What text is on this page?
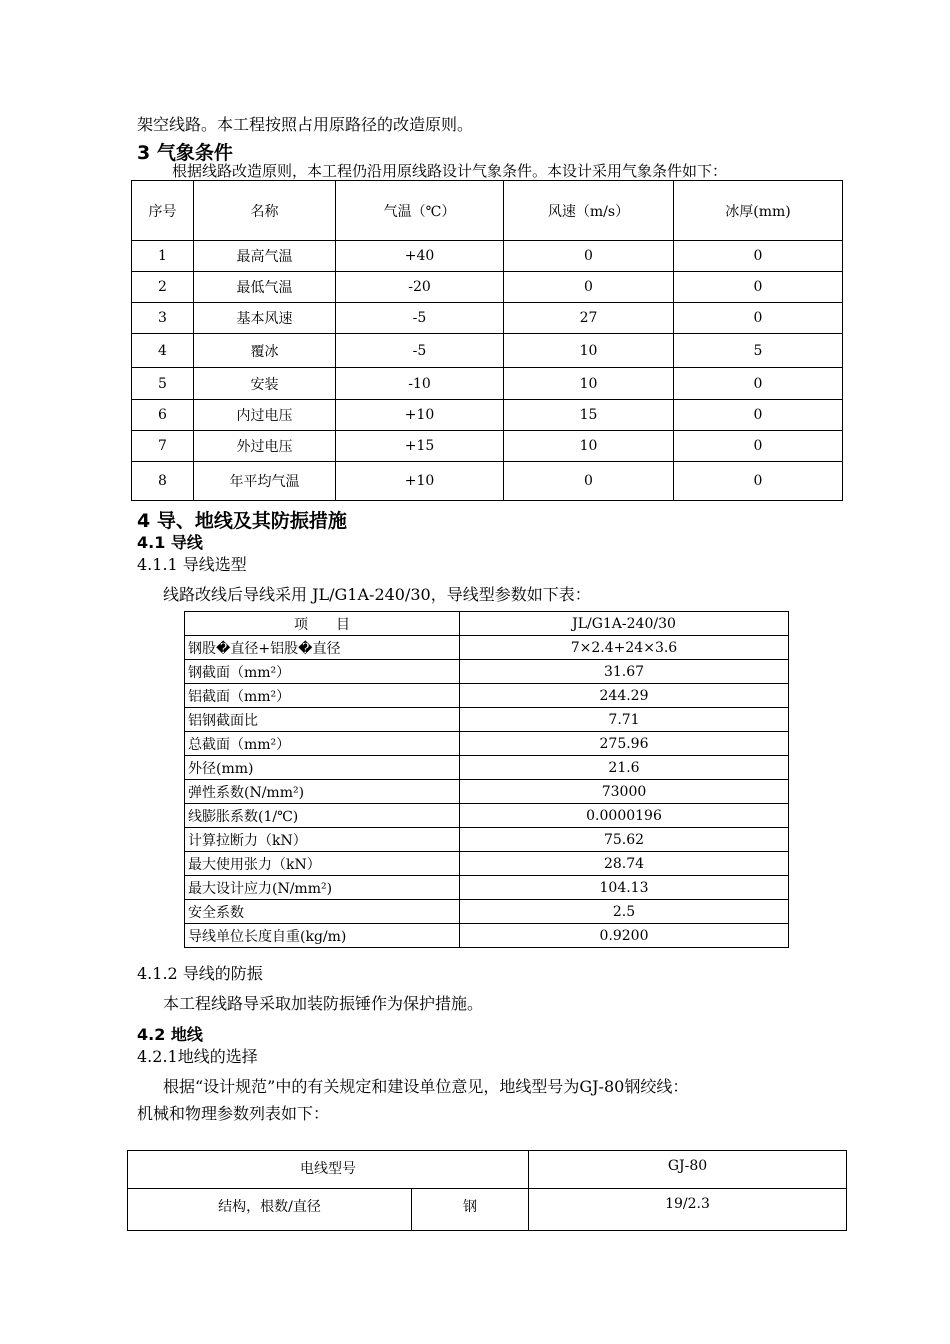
架空线路。本工程按照占用原路径的改造原则。
3 气象条件
根据线路改造原则，本工程仍沿用原线路设计气象条件。本设计采用气象条件如下：
序号	名称	气温（℃）	风速（m/s）	冰厚(mm)
1	最高气温	+40	0	0
2	最低气温	-20	0	0
3	基本风速	-5	27	0
4	覆冰	-5	10	5
5	安装	-10	10	0
6	内过电压	+10	15	0
7	外过电压	+15	10	0
8	年平均气温	+10	0	0
4 导、地线及其防振措施
4.1 导线
4.1.1 导线选型
线路改线后导线采用 JL/G1A-240/30，导线型参数如下表：
项　　目	JL/G1A-240/30
钢股�直径+铝股�直径	7×2.4+24×3.6
钢截面（mm²）	31.67
铝截面（mm²）	244.29
铝钢截面比	7.71
总截面（mm²）	275.96
外径(mm)	21.6
弹性系数(N/mm²)	73000
线膨胀系数(1/℃)	0.0000196
计算拉断力（kN）	75.62
最大使用张力（kN）	28.74
最大设计应力(N/mm²)	104.13
安全系数	2.5
导线单位长度自重(kg/m)	0.9200
4.1.2 导线的防振
本工程线路导采取加装防振锤作为保护措施。
4.2 地线
4.2.1地线的选择
根据“设计规范”中的有关规定和建设单位意见，地线型号为GJ-80钢绞线：
机械和物理参数列表如下：
电线型号		GJ-80
结构，根数/直径	钢	19/2.3
